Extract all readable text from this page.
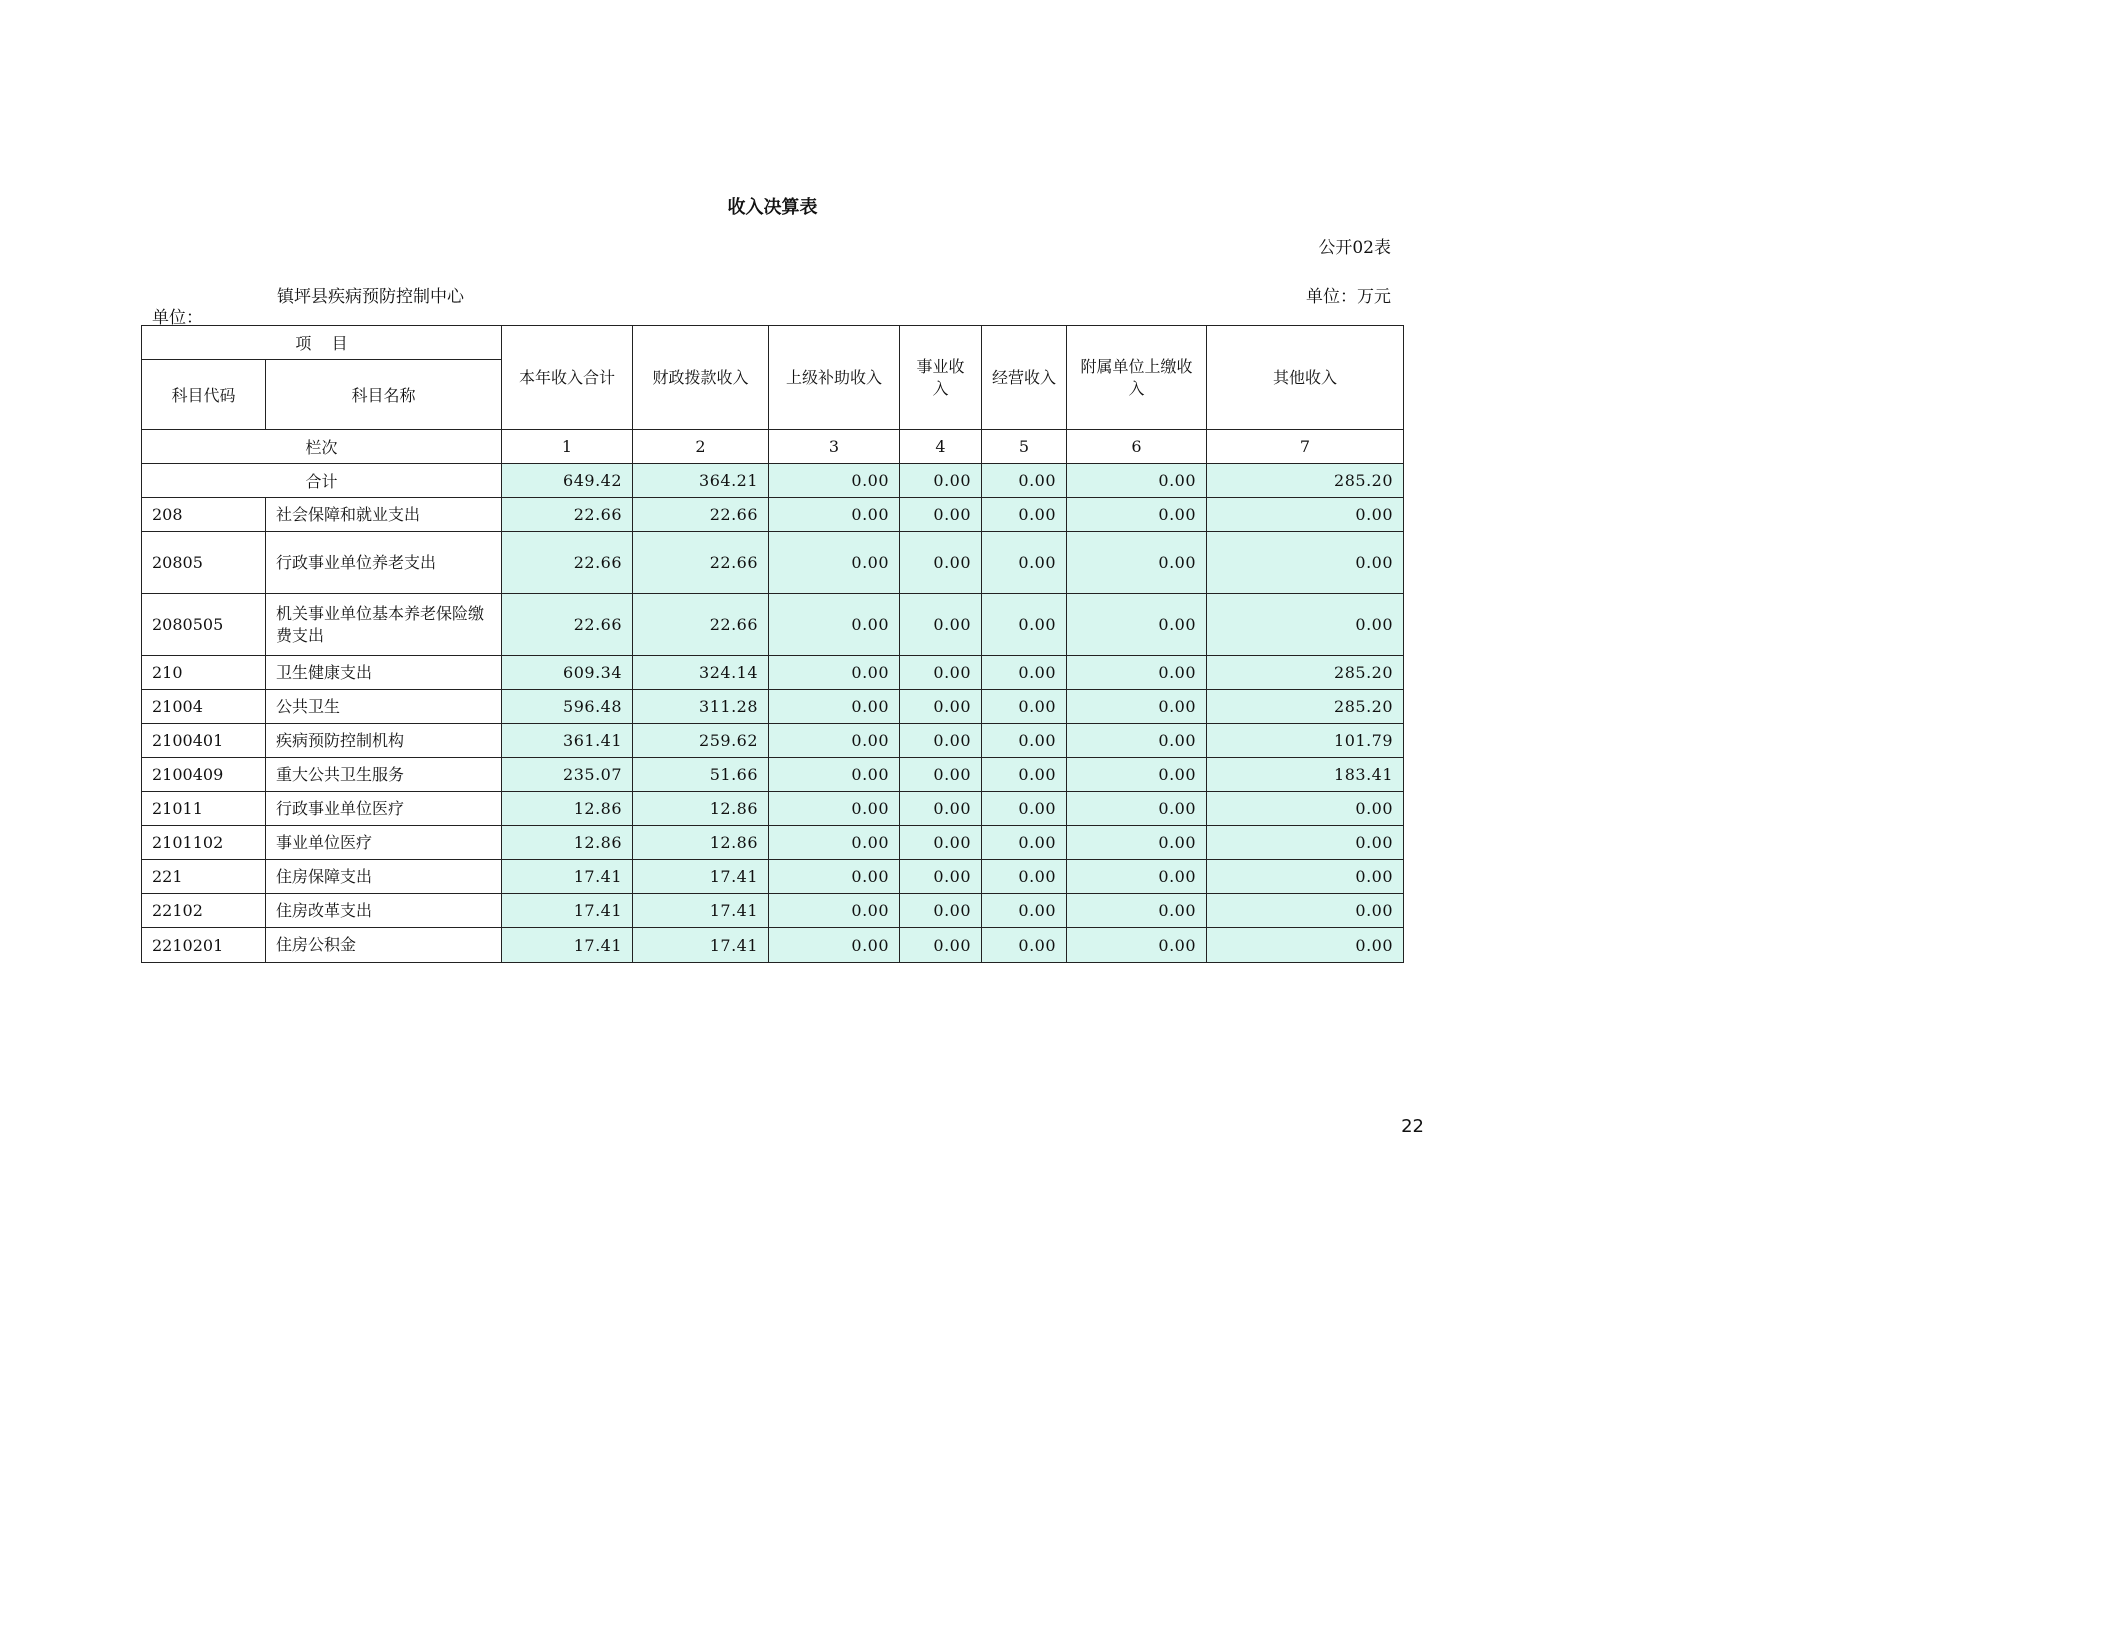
收入决算表
公开02表
镇坪县疾病预防控制中心
单位：
单位：万元
项    目		本年收入合计	财政拨款收入	上级补助收入	事业收入	经营收入	附属单位上缴收入	其他收入
科目代码	科目名称							
栏次		1	2	3	4	5	6	7
合计		649.42	364.21	0.00	0.00	0.00	0.00	285.20
208	社会保障和就业支出	22.66	22.66	0.00	0.00	0.00	0.00	0.00
20805	行政事业单位养老支出	22.66	22.66	0.00	0.00	0.00	0.00	0.00
2080505	机关事业单位基本养老保险缴费支出	22.66	22.66	0.00	0.00	0.00	0.00	0.00
210	卫生健康支出	609.34	324.14	0.00	0.00	0.00	0.00	285.20
21004	公共卫生	596.48	311.28	0.00	0.00	0.00	0.00	285.20
2100401	疾病预防控制机构	361.41	259.62	0.00	0.00	0.00	0.00	101.79
2100409	重大公共卫生服务	235.07	51.66	0.00	0.00	0.00	0.00	183.41
21011	行政事业单位医疗	12.86	12.86	0.00	0.00	0.00	0.00	0.00
2101102	事业单位医疗	12.86	12.86	0.00	0.00	0.00	0.00	0.00
221	住房保障支出	17.41	17.41	0.00	0.00	0.00	0.00	0.00
22102	住房改革支出	17.41	17.41	0.00	0.00	0.00	0.00	0.00
2210201	住房公积金	17.41	17.41	0.00	0.00	0.00	0.00	0.00
22
